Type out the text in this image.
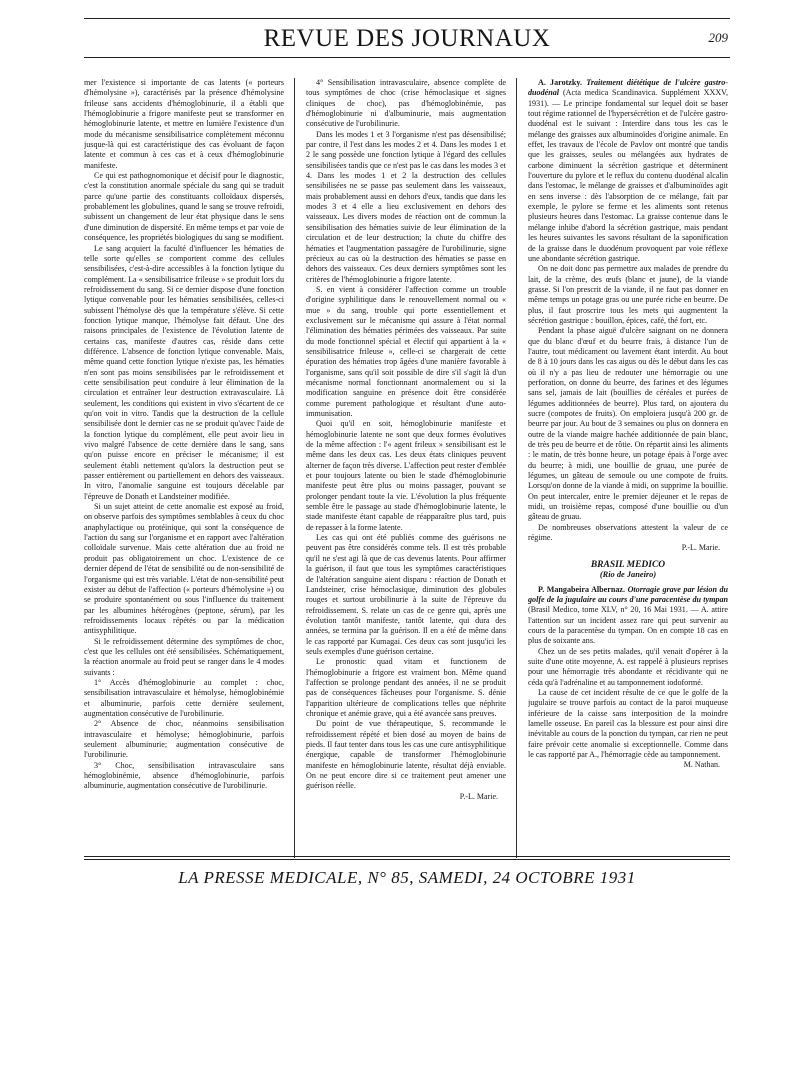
REVUE DES JOURNAUX	209

mer l'existence si importante de cas latents (« porteurs d'hémolysine »), caractérisés par la présence d'hémolysine frileuse sans accidents d'hémoglobinurie, il a établi que l'hémoglobinurie a frigore manifeste peut se transformer en hémoglobinurie latente, et mettre en lumière l'existence d'un mode du mécanisme sensibilisatrice complètement méconnu jusque-là qui est caractéristique des cas évoluant de façon latente et commun à ces cas et à ceux d'hémoglobinurie manifeste.

Ce qui est pathognomonique et décisif pour le diagnostic, c'est la constitution anormale spéciale du sang qui se traduit parce qu'une partie des constituants colloïdaux dispersés, probablement les globulines, quand le sang se trouve refroidi, subissent un changement de leur état physique dans le sens d'une diminution de dispersité. En même temps et par voie de conséquence, les propriétés biologiques du sang se modifient.

Le sang acquiert la faculté d'influencer les hématies de telle sorte qu'elles se comportent comme des cellules sensibilisées, c'est-à-dire accessibles à la fonction lytique du complément. La « sensibilisatrice frileuse » se produit lors du refroidissement du sang. Si ce dernier dispose d'une fonction lytique convenable pour les hématies sensibilisées, celles-ci subissent l'hémolyse dès que la température s'élève. Si cette fonction lytique manque, l'hémolyse fait défaut. Une des raisons principales de l'existence de l'évolution latente de certains cas, manifeste d'autres cas, réside dans cette différence. L'absence de fonction lytique convenable. Mais, même quand cette fonction lytique n'existe pas, les hématies n'en sont pas moins sensibilisées par le refroidissement et cette sensibilisation peut conduire à leur élimination de la circulation et entraîner leur destruction extravasculaire. Là seulement, les conditions qui existent in vivo s'écartent de ce qu'on voit in vitro. Tandis que la destruction de la cellule sensibilisée dont le dernier cas ne se produit qu'avec l'aide de la fonction lytique du complément, elle peut avoir lieu in vivo malgré l'absence de cette dernière dans le sang, sans qu'on puisse encore en préciser le mécanisme; il est seulement établi nettement qu'alors la destruction peut se passer entièrement ou partiellement en dehors des vaisseaux. In vitro, l'anomalie sanguine est toujours décelable par l'épreuve de Donath et Landsteiner modifiée.

Si un sujet atteint de cette anomalie est exposé au froid, on observe parfois des symptômes semblables à ceux du choc anaphylactique ou protéinique, qui sont la conséquence de l'action du sang sur l'organisme et en rapport avec l'altération colloïdale survenue. Mais cette altération due au froid ne produit pas obligatoirement un choc. L'existence de ce dernier dépend de l'état de sensibilité ou de non-sensibilité de l'organisme qui est très variable. L'état de non-sensibilité peut exister au début de l'affection (« porteurs d'hémolysine ») ou se produire spontanément ou sous l'influence du traitement par les albumines hétérogènes (peptone, sérum), par les refroidissements locaux répétés ou par la médication antisyphilitique.

Si le refroidissement détermine des symptômes de choc, c'est que les cellules ont été sensibilisées. Schématiquement, la réaction anormale au froid peut se ranger dans le 4 modes suivants :

1° Accès d'hémoglobinurie au complet : choc, sensibilisation intravasculaire et hémolyse, hémoglobinémie et albuminurie, parfois cette dernière seulement, augmentation consécutive de l'urobilinurie.

2° Absence de choc, néanmoins sensibilisation intravasculaire et hémolyse; hémoglobinurie, parfois seulement albuminurie; augmentation consécutive de l'urobilinurie.

3° Choc, sensibilisation intravasculaire sans hémoglobinémie, absence d'hémoglobinurie, parfois albuminurie, augmentation consécutive de l'urobilinurie.

4° Sensibilisation intravasculaire, absence complète de tous symptômes de choc (crise hémoclasique et signes cliniques de choc), pas d'hémoglobinémie, pas d'hémoglobinurie ni d'albuminurie, mais augmentation consécutive de l'urobilinurie.

Dans les modes 1 et 3 l'organisme n'est pas désensibilisé; par contre, il l'est dans les modes 2 et 4. Dans les modes 1 et 2 le sang possède une fonction lytique à l'égard des cellules sensibilisées tandis que ce n'est pas le cas dans les modes 3 et 4. Dans les modes 1 et 2 la destruction des cellules sensibilisées ne se passe pas seulement dans les vaisseaux, mais probablement aussi en dehors d'eux, tandis que dans les modes 3 et 4 elle a lieu exclusivement en dehors des vaisseaux. Les divers modes de réaction ont de commun la sensibilisation des hématies suivie de leur élimination de la circulation et de leur destruction; la chute du chiffre des hématies et l'augmentation passagère de l'urobilinurie, signe précieux au cas où la destruction des hématies se passe en dehors des vaisseaux. Ces deux derniers symptômes sont les critères de l'hémoglobinurie a frigore latente.

S. en vient à considérer l'affection comme un trouble d'origine syphilitique dans le renouvellement normal ou « mue » du sang, trouble qui porte essentiellement et exclusivement sur le mécanisme qui assure à l'état normal l'élimination des hématies périmées des vaisseaux. Par suite du mode fonctionnel spécial et électif qui appartient à la « sensibilisatrice frileuse », celle-ci se chargerait de cette épuration des hématies trop âgées d'une manière favorable à l'organisme, sans qu'il soit possible de dire s'il s'agit là d'un mécanisme normal fonctionnant anormalement ou si la modification sanguine en présence doit être considérée comme purement pathologique et résultant d'une auto-immunisation.

Quoi qu'il en soit, hémoglobinurie manifeste et hémoglobinurie latente ne sont que deux formes évolutives de la même affection : l'« agent frileux » sensibilisant est le même dans les deux cas. Les deux états cliniques peuvent alterner de façon très diverse. L'affection peut rester d'emblée et pour toujours latente ou bien le stade d'hémoglobinurie manifeste peut être plus ou moins passager, pouvant se prolonger pendant toute la vie. L'évolution la plus fréquente semble être le passage au stade d'hémoglobinurie latente, le stade manifeste étant capable de réapparaître plus tard, puis de repasser à la forme latente.

Les cas qui ont été publiés comme des guérisons ne peuvent pas être considérés comme tels. Il est très probable qu'il ne s'est agi là que de cas devenus latents. Pour affirmer la guérison, il faut que tous les symptômes caractéristiques de l'altération sanguine aient disparu : réaction de Donath et Landsteiner, crise hémoclasique, diminution des globules rouges et surtout urobilinurie à la suite de l'épreuve du refroidissement. S. relate un cas de ce genre qui, après une évolution tantôt manifeste, tantôt latente, qui dura des années, se termina par la guérison. Il en a été de même dans le cas rapporté par Kumagai. Ces deux cas sont jusqu'ici les seuls exemples d'une guérison certaine.

Le pronostic quad vitam et functionem de l'hémoglobinurie a frigore est vraiment bon. Même quand l'affection se prolonge pendant des années, il ne se produit pas de conséquences fâcheuses pour l'organisme. S. dénie l'apparition ultérieure de complications telles que néphrite chronique et anémie grave, qui a été avancée sans preuves.

Du point de vue thérapeutique, S. recommande le refroidissement répété et bien dosé au moyen de bains de pieds. Il faut tenter dans tous les cas une cure antisyphilitique énergique, capable de transformer l'hémoglobinurie manifeste en hémoglobinurie latente, résultat déjà enviable. On ne peut encore dire si ce traitement peut amener une guérison réelle.

P.-L. Marie.

A. Jarotzky. Traitement diététique de l'ulcère gastro-duodénal (Acta medica Scandinavica. Supplément XXXV, 1931). — Le principe fondamental sur lequel doit se baser tout régime rationnel de l'hypersécrétion et de l'ulcère gastro-duodénal est le suivant : Interdire dans tous les cas le mélange des graisses aux albuminoïdes d'origine animale. En effet, les travaux de l'école de Pavlov ont montré que tandis que les graisses, seules ou mélangées aux hydrates de carbone diminuent la sécrétion gastrique et déterminent l'ouverture du pylore et le reflux du contenu duodénal alcalin dans l'estomac, le mélange de graisses et d'albuminoïdes agit en sens inverse : dès l'absorption de ce mélange, fait par exemple, le pylore se ferme et les aliments sont retenus plusieurs heures dans l'estomac. La graisse contenue dans le mélange inhibe d'abord la sécrétion gastrique, mais pendant les heures suivantes les savons résultant de la saponification de la graisse dans le duodénum provoquent par voie réflexe une abondante sécrétion gastrique.

On ne doit donc pas permettre aux malades de prendre du lait, de la crème, des œufs (blanc et jaune), de la viande grasse. Si l'on prescrit de la viande, il ne faut pas donner en même temps un potage gras ou une purée riche en beurre. De plus, il faut proscrire tous les mets qui augmentent la sécrétion gastrique : bouillon, épices, café, thé fort, etc.

Pendant la phase aiguë d'ulcère saignant on ne donnera que du blanc d'œuf et du beurre frais, à distance l'un de l'autre, tout médicament ou lavement étant interdit. Au bout de 8 à 10 jours dans les cas aigus ou dès le début dans les cas où il n'y a pas lieu de redouter une hémorragie ou une perforation, on donne du beurre, des farines et des légumes sans sel, jamais de lait (bouillies de céréales et purées de légumes additionnées de beurre). Plus tard, on ajoutera du sucre (compotes de fruits). On emploiera jusqu'à 200 gr. de beurre par jour. Au bout de 3 semaines ou plus on donnera en outre de la viande maigre hachée additionnée de pain blanc, de très peu de beurre et de rôtie. On répartit ainsi les aliments : le matin, de très bonne heure, un potage épais à l'orge avec du beurre; à midi, une bouillie de gruau, une purée de légumes, un gâteau de semoule ou une compote de fruits. Lorsqu'on donne de la viande à midi, on supprime la bouillie. On peut intercaler, entre le premier déjeuner et le repas de midi, un troisième repas, composé d'une bouillie ou d'un gâteau de gruau.

De nombreuses observations attestent la valeur de ce régime.

P.-L. Marie.

BRASIL MEDICO
(Rio de Janeiro)

P. Mangabeira Albernaz. Otorragie grave par lésion du golfe de la jugulaire au cours d'une paracentèse du tympan (Brasil Medico, tome XLV, n° 20, 16 Mai 1931. — A. attire l'attention sur un incident assez rare qui peut survenir au cours de la paracentèse du tympan. On en compte 18 cas en plus de soixante ans.

Chez un de ses petits malades, qu'il venait d'opérer à la suite d'une otite moyenne, A. est rappelé à plusieurs reprises pour une hémorragie très abondante et récidivante qui ne céda qu'à l'adrénaline et au tamponnement iodoformé.

La cause de cet incident résulte de ce que le golfe de la jugulaire se trouve parfois au contact de la paroi muqueuse inférieure de la caisse sans interposition de la moindre lamelle osseuse. En pareil cas la blessure est pour ainsi dire inévitable au cours de la ponction du tympan, car rien ne peut faire prévoir cette anomalie si exceptionnelle. Comme dans le cas rapporté par A., l'hémorragie cède au tamponnement.

M. Nathan.

LA PRESSE MEDICALE, N° 85, SAMEDI, 24 OCTOBRE 1931
